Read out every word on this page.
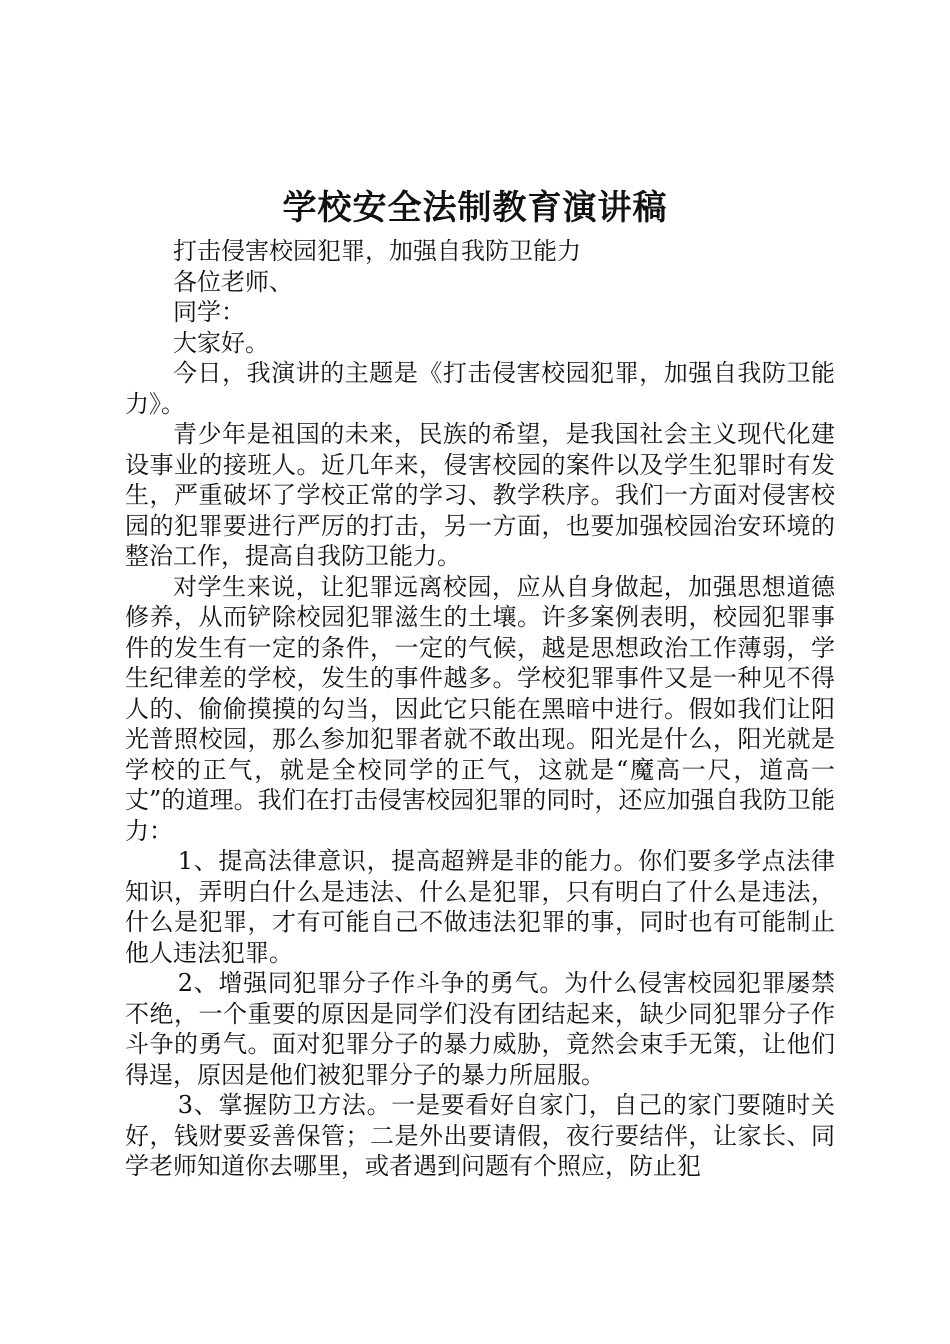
学校安全法制教育演讲稿

打击侵害校园犯罪，加强自我防卫能力

各位老师、

同学：

大家好。

今日，我演讲的主题是《打击侵害校园犯罪，加强自我防卫能力》。

青少年是祖国的未来，民族的希望，是我国社会主义现代化建设事业的接班人。近几年来，侵害校园的案件以及学生犯罪时有发生，严重破坏了学校正常的学习、教学秩序。我们一方面对侵害校园的犯罪要进行严厉的打击，另一方面，也要加强校园治安环境的整治工作，提高自我防卫能力。

对学生来说，让犯罪远离校园，应从自身做起，加强思想道德修养，从而铲除校园犯罪滋生的土壤。许多案例表明，校园犯罪事件的发生有一定的条件，一定的气候，越是思想政治工作薄弱，学生纪律差的学校，发生的事件越多。学校犯罪事件又是一种见不得人的、偷偷摸摸的勾当，因此它只能在黑暗中进行。假如我们让阳光普照校园，那么参加犯罪者就不敢出现。阳光是什么，阳光就是学校的正气，就是全校同学的正气，这就是“魔高一尺，道高一丈”的道理。我们在打击侵害校园犯罪的同时，还应加强自我防卫能力：

1、提高法律意识，提高超辨是非的能力。你们要多学点法律知识，弄明白什么是违法、什么是犯罪，只有明白了什么是违法，什么是犯罪，才有可能自己不做违法犯罪的事，同时也有可能制止他人违法犯罪。

2、增强同犯罪分子作斗争的勇气。为什么侵害校园犯罪屡禁不绝，一个重要的原因是同学们没有团结起来，缺少同犯罪分子作斗争的勇气。面对犯罪分子的暴力威胁，竟然会束手无策，让他们得逞，原因是他们被犯罪分子的暴力所屈服。

3、掌握防卫方法。一是要看好自家门，自己的家门要随时关好，钱财要妥善保管；二是外出要请假，夜行要结伴，让家长、同学老师知道你去哪里，或者遇到问题有个照应，防止犯
